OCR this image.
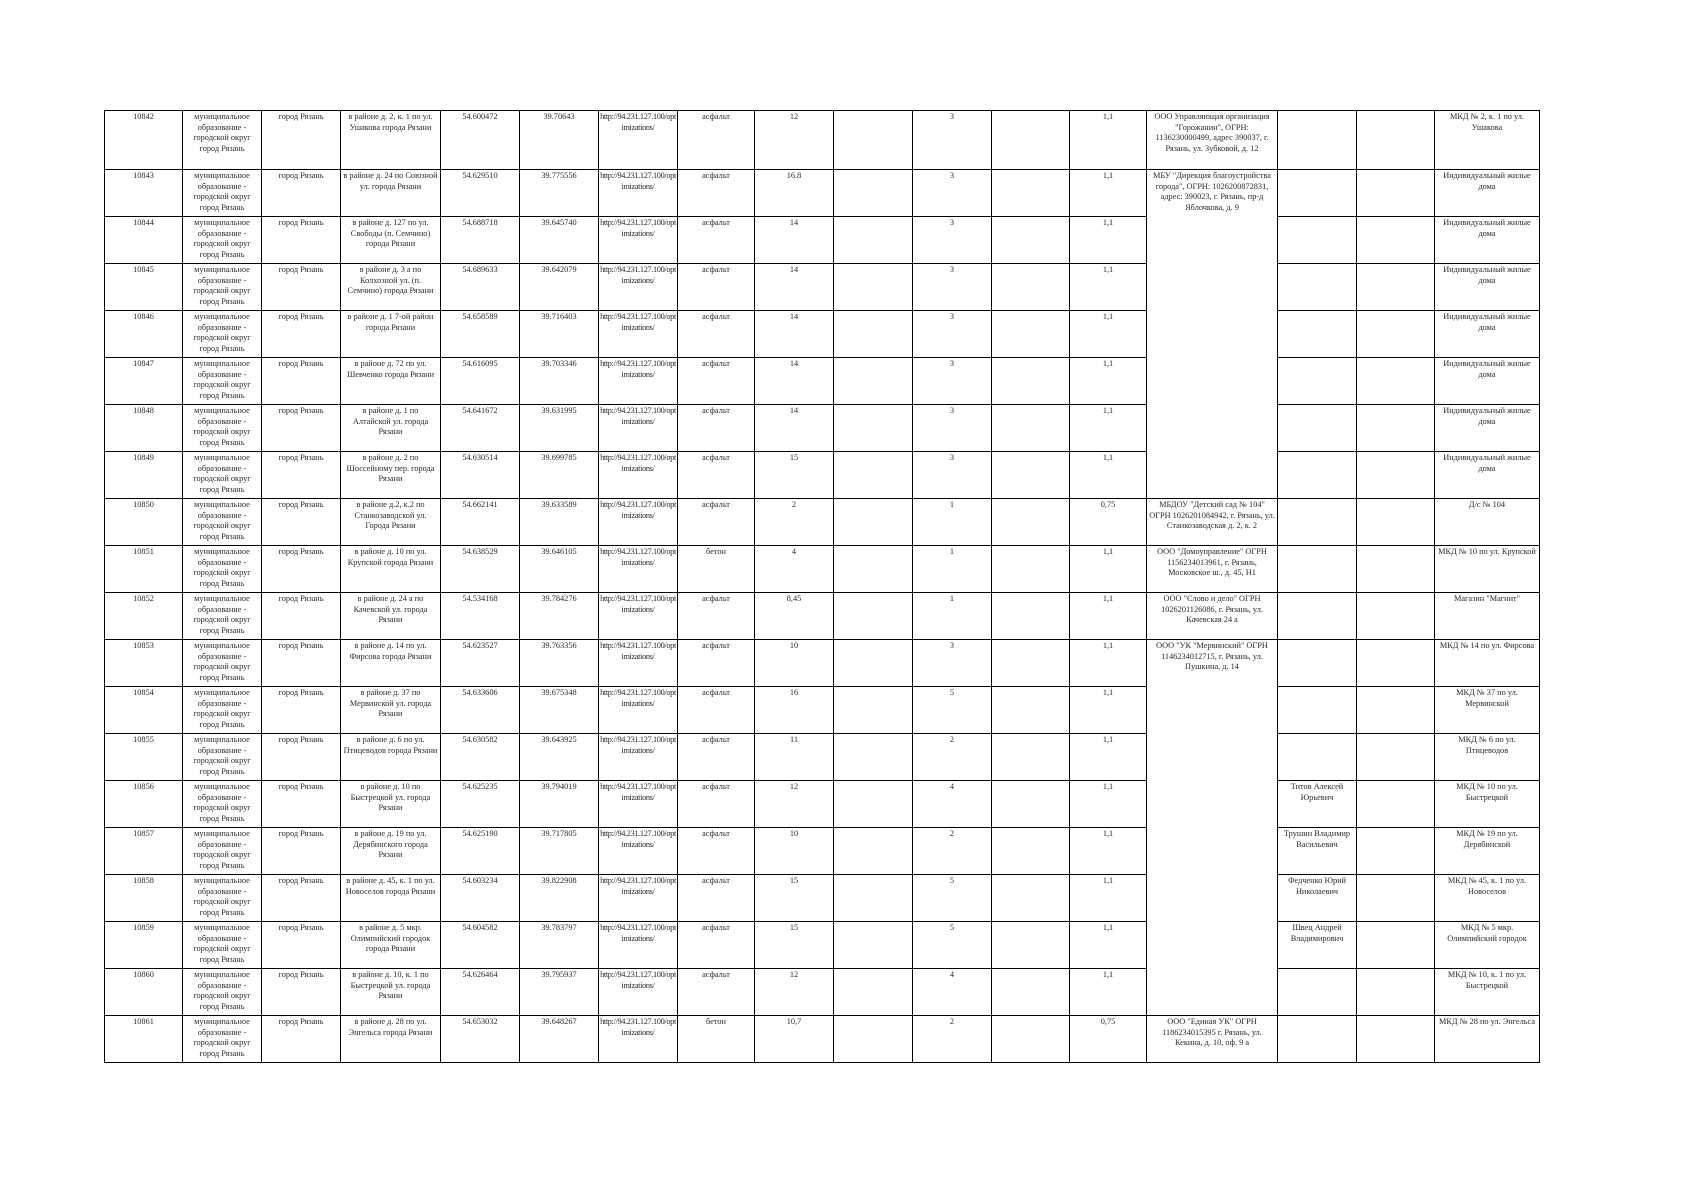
10842	муниципальное образование - городской округ город Рязань	город Рязань	в районе д. 2, к. 1 по ул. Ушакова города Рязани	54.600472	39.70643	http://94.231.127.100/optimizations/	асфальт	12		3		1,1	ООО Управляющая организация "Горожанин", ОГРН: 1136230000499, адрес 390037, г. Рязань, ул. Зубковой, д. 12			МКД № 2, к. 1 по ул. Ушакова
10843	муниципальное образование - городской округ город Рязань	город Рязань	в районе д. 24 по Союзной ул. города Рязани	54.629510	39.775556	http://94.231.127.100/optimizations/	асфальт	16.8		3		1,1	МБУ "Дирекция благоустройства города", ОГРН: 1026200872831, адрес: 390023, г. Рязань, пр-д Яблочкова, д. 9			Индивидуальный жилые дома
10844	муниципальное образование - городской округ город Рязань	город Рязань	в районе д. 127 по ул. Свободы (п. Семчино) города Рязани	54.688718	39.645740	http://94.231.127.100/optimizations/	асфальт	14		3		1,1				Индивидуальный жилые дома
10845	муниципальное образование - городской округ город Рязань	город Рязань	в районе д. 3 а по Колхозной ул. (п. Семчино) города Рязани	54.689633	39.642079	http://94.231.127.100/optimizations/	асфальт	14		3		1,1				Индивидуальный жилые дома
10846	муниципальное образование - городской округ город Рязань	город Рязань	в районе д. 1 7-ой район города Рязани	54.658589	39.716403	http://94.231.127.100/optimizations/	асфальт	14		3		1,1				Индивидуальный жилые дома
10847	муниципальное образование - городской округ город Рязань	город Рязань	в районе д. 72 по ул. Шевченко города Рязани	54.616095	39.703346	http://94.231.127.100/optimizations/	асфальт	14		3		1,1				Индивидуальный жилые дома
10848	муниципальное образование - городской округ город Рязань	город Рязань	в районе д. 1 по Алтайской ул. города Рязани	54.641672	39.631995	http://94.231.127.100/optimizations/	асфальт	14		3		1,1				Индивидуальный жилые дома
10849	муниципальное образование - городской округ город Рязань	город Рязань	в районе д. 2 по Шоссейному пер. города Рязани	54.630514	39.699785	http://94.231.127.100/optimizations/	асфальт	15		3		1,1				Индивидуальный жилые дома
10850	муниципальное образование - городской округ город Рязань	город Рязань	в районе д.2, к.2 по Станкозаводской ул. Города Рязани	54.662141	39.633589	http://94.231.127.100/optimizations/	асфальт	2		1		0,75	МБДОУ "Детский сад № 104" ОГРН 1026201084942, г. Рязань, ул. Станкозаводская д. 2, к. 2			Д/с № 104
10851	муниципальное образование - городской округ город Рязань	город Рязань	в районе д. 10 по ул. Крупской города Рязани	54.638529	39.646105	http://94.231.127.100/optimizations/	бетон	4		1		1,1	ООО "Домоуправление" ОГРН 1156234013961, г. Рязань, Московское ш., д. 45, Н1			МКД № 10 по ул. Крупской
10852	муниципальное образование - городской округ город Рязань	город Рязань	в районе д. 24 а по Качевской ул. города Рязани	54.534168	39.784276	http://94.231.127.100/optimizations/	асфальт	8,45		1		1,1	ООО "Слово и дело" ОГРН 1026201126086, г. Рязань, ул. Качевская 24 а			Магазин "Магнит"
10853	муниципальное образование - городской округ город Рязань	город Рязань	в районе д. 14 по ул. Фирсова города Рязани	54.623527	39.763356	http://94.231.127.100/optimizations/	асфальт	10		3		1,1	ООО "УК "Мервинский" ОГРН 1146234012715, г. Рязань, ул. Пушкина, д. 14			МКД № 14 по ул. Фирсова
10854	муниципальное образование - городской округ город Рязань	город Рязань	в районе д. 37 по Мервинской ул. города Рязани	54.633606	39.675348	http://94.231.127.100/optimizations/	асфальт	16		5		1,1				МКД № 37 по ул. Мервинской
10855	муниципальное образование - городской округ город Рязань	город Рязань	в районе д. 6 по ул. Птицеводов города Рязани	54.630582	39.643925	http://94.231.127.100/optimizations/	асфальт	11		2		1,1				МКД № 6 по ул. Птицеводов
10856	муниципальное образование - городской округ город Рязань	город Рязань	в районе д. 10 по Быстрецкой ул. города Рязани	54.625235	39.794019	http://94.231.127.100/optimizations/	асфальт	12		4		1,1		Титов Алексей Юрьевич		МКД № 10 по ул. Быстрецкой
10857	муниципальное образование - городской округ город Рязань	город Рязань	в районе д. 19 по ул. Дерябинского города Рязани	54.625190	39.717805	http://94.231.127.100/optimizations/	асфальт	10		2		1,1		Трушин Владимир Васильевич		МКД № 19 по ул. Дерябинской
10858	муниципальное образование - городской округ город Рязань	город Рязань	в районе д. 45, к. 1 по ул. Новоселов города Рязани	54.603234	39.822908	http://94.231.127.100/optimizations/	асфальт	15		5		1,1		Федченко Юрий Николаевич		МКД № 45, к. 1 по ул. Новоселов
10859	муниципальное образование - городской округ город Рязань	город Рязань	в районе д. 5 мкр. Олимпийский городок города Рязани	54.604582	39.783797	http://94.231.127.100/optimizations/	асфальт	15		5		1,1		Швец Андрей Владимирович		МКД № 5 мкр. Олимпийский городок
10860	муниципальное образование - городской округ город Рязань	город Рязань	в районе д. 10, к. 1 по Быстрецкой ул. города Рязани	54.626464	39.795937	http://94.231.127.100/optimizations/	асфальт	12		4		1,1				МКД № 10, к. 1 по ул. Быстрецкой
10861	муниципальное образование - городской округ город Рязань	город Рязань	в районе д. 28 по ул. Энгельса города Рязани	54.653032	39.648267	http://94.231.127.100/optimizations/	бетон	10,7		2		0,75	ООО "Единая УК" ОГРН 1186234015395 г. Рязань, ул. Кекина, д. 10, оф. 9 а			МКД № 28 по ул. Энгельса
